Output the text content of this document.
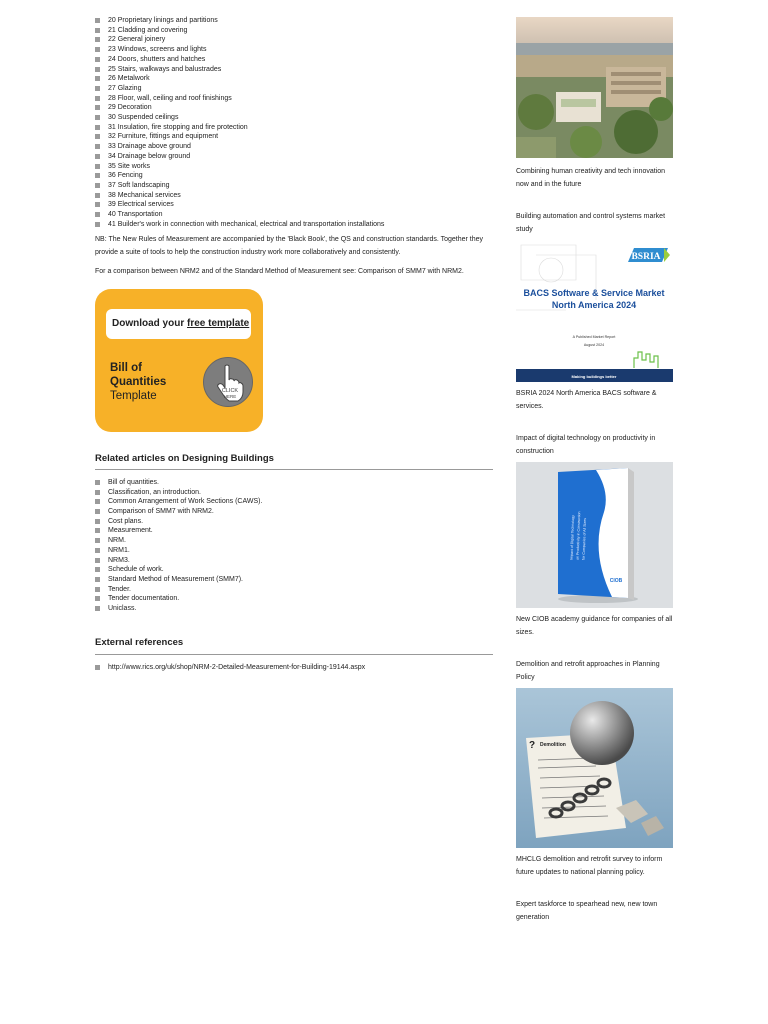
20 Proprietary linings and partitions
21 Cladding and covering
22 General joinery
23 Windows, screens and lights
24 Doors, shutters and hatches
25 Stairs, walkways and balustrades
26 Metalwork
27 Glazing
28 Floor, wall, ceiling and roof finishings
29 Decoration
30 Suspended ceilings
31 Insulation, fire stopping and fire protection
32 Furniture, fittings and equipment
33 Drainage above ground
34 Drainage below ground
35 Site works
36 Fencing
37 Soft landscaping
38 Mechanical services
39 Electrical services
40 Transportation
41 Builder's work in connection with mechanical, electrical and transportation installations

NB: The New Rules of Measurement are accompanied by the 'Black Book', the QS and construction standards. Together they provide a suite of tools to help the construction industry work more collaboratively and consistently.

For a comparison between NRM2 and of the Standard Method of Measurement see: Comparison of SMM7 with NRM2.

Download your free template
Bill of
Quantities
Template	CLICK
HERE
Related articles on Designing Buildings
Bill of quantities.
Classification, an introduction.
Common Arrangement of Work Sections (CAWS).
Comparison of SMM7 with NRM2.
Cost plans.
Measurement.
NRM.
NRM1.
NRM3.
Schedule of work.
Standard Method of Measurement (SMM7).
Tender.
Tender documentation.
Uniclass.
External references
http://www.rics.org/uk/shop/NRM-2-Detailed-Measurement-for-Building-19144.aspx
Combining human creativity and tech innovation now and in the future
Building automation and control systems market study
BSRIA
BACS Software & Service Market
North America 2024
A Published Market Report
August 2024
Making buildings better
BSRIA 2024 North America BACS software & services.
Impact of digital technology on productivity in construction
Impact of Digital Technology on Productivity in Construction for Companies of All Sizes
CIOB
New CIOB academy guidance for companies of all sizes.
Demolition and retrofit approaches in Planning Policy
Demolition
?
MHCLG demolition and retrofit survey to inform future updates to national planning policy.
Expert taskforce to spearhead new, new town generation
